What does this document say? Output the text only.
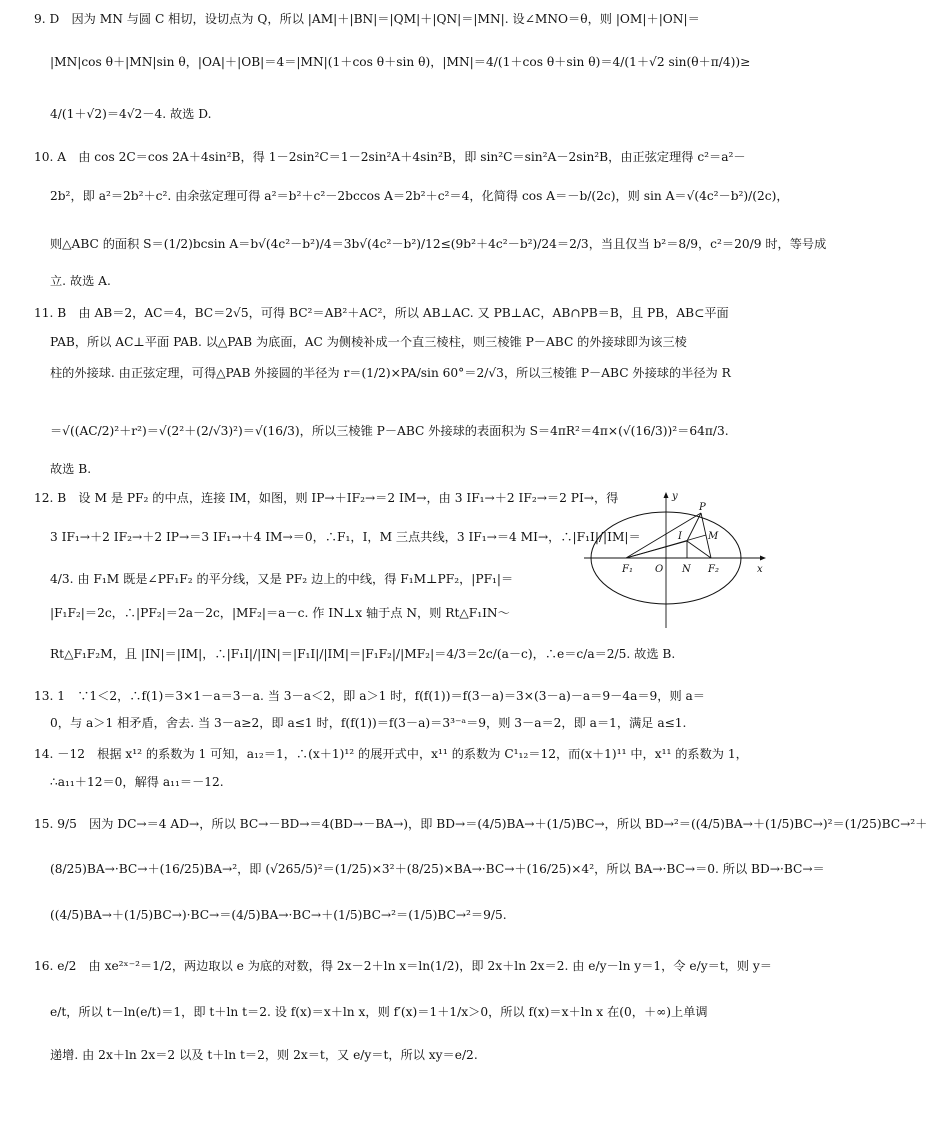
9. D　因为 MN 与圆 C 相切，设切点为 Q，所以 |AM|＋|BN|＝|QM|＋|QN|＝|MN|. 设∠MNO＝θ，则 |OM|＋|ON|＝
|MN|cos θ＋|MN|sin θ，|OA|＋|OB|＝4＝|MN|(1＋cos θ＋sin θ)，|MN|＝4/(1＋cos θ＋sin θ)＝4/(1＋√2 sin(θ＋π/4))≥
4/(1＋√2)＝4√2－4. 故选 D.
10. A　由 cos 2C＝cos 2A＋4sin²B，得 1－2sin²C＝1－2sin²A＋4sin²B，即 sin²C＝sin²A－2sin²B，由正弦定理得 c²＝a²－
2b²，即 a²＝2b²＋c². 由余弦定理可得 a²＝b²＋c²－2bccos A＝2b²＋c²＝4，化简得 cos A＝－b/(2c)，则 sin A＝√(4c²－b²)/(2c)，
则△ABC 的面积 S＝(1/2)bcsin A＝b√(4c²－b²)/4＝3b√(4c²－b²)/12≤(9b²＋4c²－b²)/24＝2/3，当且仅当 b²＝8/9，c²＝20/9 时，等号成
立. 故选 A.
11. B　由 AB＝2，AC＝4，BC＝2√5，可得 BC²＝AB²＋AC²，所以 AB⊥AC. 又 PB⊥AC，AB∩PB＝B，且 PB，AB⊂平面
PAB，所以 AC⊥平面 PAB. 以△PAB 为底面，AC 为侧棱补成一个直三棱柱，则三棱锥 P－ABC 的外接球即为该三棱
柱的外接球. 由正弦定理，可得△PAB 外接圆的半径为 r＝(1/2)×PA/sin 60°＝2/√3，所以三棱锥 P－ABC 外接球的半径为 R
＝√((AC/2)²＋r²)＝√(2²＋(2/√3)²)＝√(16/3)，所以三棱锥 P－ABC 外接球的表面积为 S＝4πR²＝4π×(√(16/3))²＝64π/3.
故选 B.
12. B　设 M 是 PF₂ 的中点，连接 IM，如图，则 IP→＋IF₂→＝2 IM→，由 3 IF₁→＋2 IF₂→＝2 PI→，得
3 IF₁→＋2 IF₂→＋2 IP→＝3 IF₁→＋4 IM→＝0，∴F₁，I，M 三点共线，3 IF₁→＝4 MI→，∴|F₁I|/|IM|＝
4/3. 由 F₁M 既是∠PF₁F₂ 的平分线，又是 PF₂ 边上的中线，得 F₁M⊥PF₂，|PF₁|＝
|F₁F₂|＝2c，∴|PF₂|＝2a－2c，|MF₂|＝a－c. 作 IN⊥x 轴于点 N，则 Rt△F₁IN～
Rt△F₁F₂M，且 |IN|＝|IM|，∴|F₁I|/|IN|＝|F₁I|/|IM|＝|F₁F₂|/|MF₂|＝4/3＝2c/(a－c)，∴e＝c/a＝2/5. 故选 B.
y
x
P
I	M
F₁ O N F₂
13. 1　∵1＜2，∴f(1)＝3×1－a＝3－a. 当 3－a＜2，即 a＞1 时，f(f(1))＝f(3－a)＝3×(3－a)－a＝9－4a＝9，则 a＝
0，与 a＞1 相矛盾，舍去. 当 3－a≥2，即 a≤1 时，f(f(1))＝f(3－a)＝3³⁻ᵃ＝9，则 3－a＝2，即 a＝1，满足 a≤1.
14. －12　根据 x¹² 的系数为 1 可知，a₁₂＝1，∴(x＋1)¹² 的展开式中，x¹¹ 的系数为 C¹₁₂＝12，而(x＋1)¹¹ 中，x¹¹ 的系数为 1，
∴a₁₁＋12＝0，解得 a₁₁＝－12.
15. 9/5　因为 DC→＝4 AD→，所以 BC→－BD→＝4(BD→－BA→)，即 BD→＝(4/5)BA→＋(1/5)BC→，所以 BD→²＝((4/5)BA→＋(1/5)BC→)²＝(1/25)BC→²＋
(8/25)BA→·BC→＋(16/25)BA→²，即 (√265/5)²＝(1/25)×3²＋(8/25)×BA→·BC→＋(16/25)×4²，所以 BA→·BC→＝0. 所以 BD→·BC→＝
((4/5)BA→＋(1/5)BC→)·BC→＝(4/5)BA→·BC→＋(1/5)BC→²＝(1/5)BC→²＝9/5.
16. e/2　由 xe²ˣ⁻²＝1/2，两边取以 e 为底的对数，得 2x－2＋ln x＝ln(1/2)，即 2x＋ln 2x＝2. 由 e/y－ln y＝1，令 e/y＝t，则 y＝
e/t，所以 t－ln(e/t)＝1，即 t＋ln t＝2. 设 f(x)＝x＋ln x，则 f′(x)＝1＋1/x＞0，所以 f(x)＝x＋ln x 在(0，＋∞)上单调
递增. 由 2x＋ln 2x＝2 以及 t＋ln t＝2，则 2x＝t，又 e/y＝t，所以 xy＝e/2.
